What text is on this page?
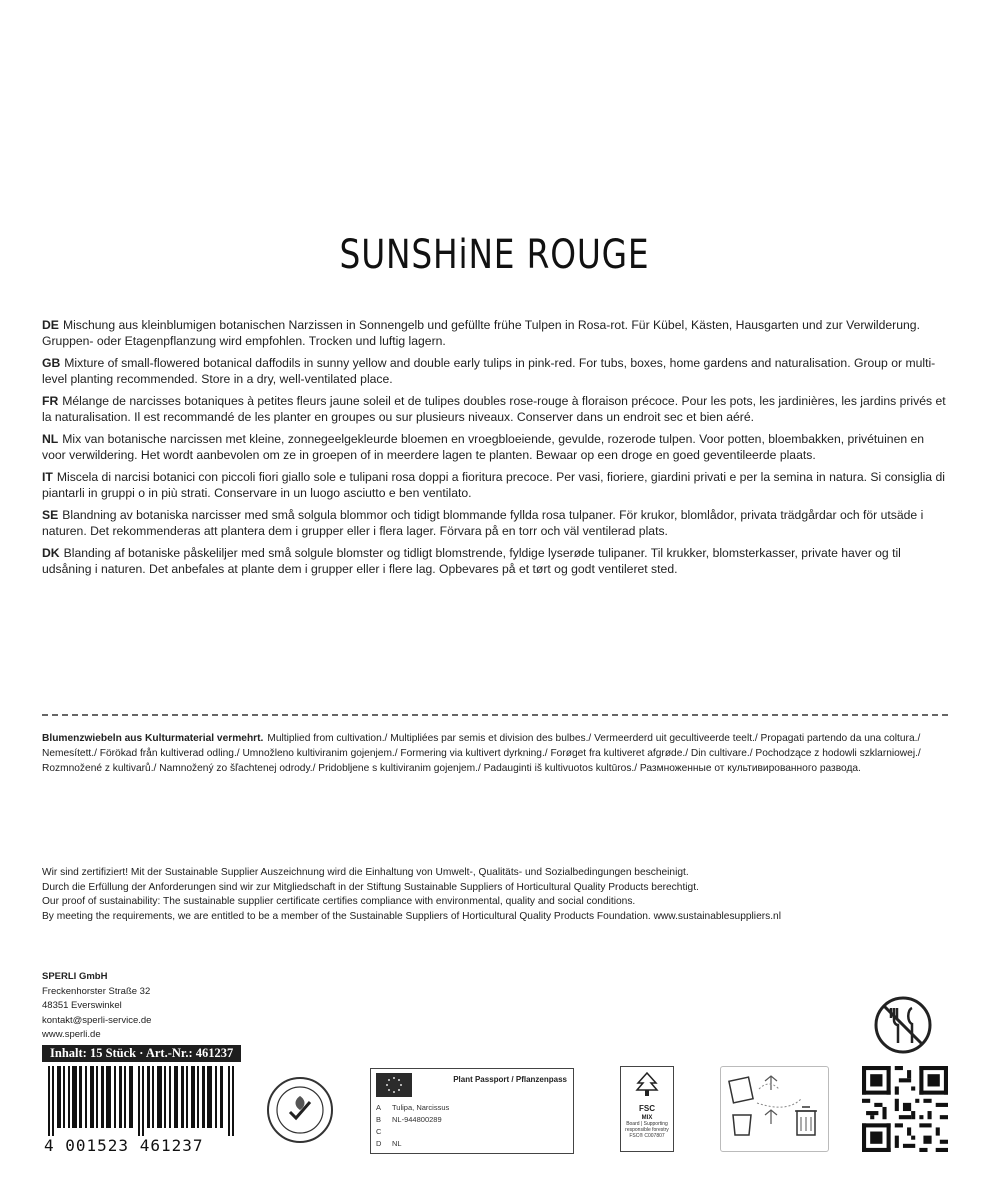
SUNSHiNE ROUGE

DE Mischung aus kleinblumigen botanischen Narzissen in Sonnengelb und gefüllte frühe Tulpen in Rosa-rot. Für Kübel, Kästen, Hausgarten und zur Verwilderung. Gruppen- oder Etagenpflanzung wird empfohlen. Trocken und luftig lagern.

GB Mixture of small-flowered botanical daffodils in sunny yellow and double early tulips in pink-red. For tubs, boxes, home gardens and naturalisation. Group or multi-level planting recommended. Store in a dry, well-ventilated place.

FR Mélange de narcisses botaniques à petites fleurs jaune soleil et de tulipes doubles rose-rouge à floraison précoce. Pour les pots, les jardinières, les jardins privés et la naturalisation. Il est recommandé de les planter en groupes ou sur plusieurs niveaux. Conserver dans un endroit sec et bien aéré.

NL Mix van botanische narcissen met kleine, zonnegeelgekleurde bloemen en vroegbloeiende, gevulde, rozerode tulpen. Voor potten, bloembakken, privétuinen en voor verwildering. Het wordt aanbevolen om ze in groepen of in meerdere lagen te planten. Bewaar op een droge en goed geventileerde plaats.

IT Miscela di narcisi botanici con piccoli fiori giallo sole e tulipani rosa doppi a fioritura precoce. Per vasi, fioriere, giardini privati e per la semina in natura. Si consiglia di piantarli in gruppi o in più strati. Conservare in un luogo asciutto e ben ventilato.

SE Blandning av botaniska narcisser med små solgula blommor och tidigt blommande fyllda rosa tulpaner. För krukor, blomlådor, privata trädgårdar och för utsäde i naturen. Det rekommenderas att plantera dem i grupper eller i flera lager. Förvara på en torr och väl ventilerad plats.

DK Blanding af botaniske påskeliljer med små solgule blomster og tidligt blomstrende, fyldige lyserøde tulipaner. Til krukker, blomsterkasser, private haver og til udsåning i naturen. Det anbefales at plante dem i grupper eller i flere lag. Opbevares på et tørt og godt ventileret sted.

Blumenzwiebeln aus Kulturmaterial vermehrt. Multiplied from cultivation./ Multipliées par semis et division des bulbes./ Vermeerderd uit gecultiveerde teelt./ Propagati partendo da una coltura./ Nemesített./ Förökad från kultiverad odling./ Umnožleno kultiviranim gojenjem./ Formering via kultivert dyrkning./ Forøget fra kultiveret afgrøde./ Din cultivare./ Pochodzące z hodowli szklarniowej./ Rozmnožené z kultivarů./ Namnožený zo šľachtenej odrody./ Pridobljene s kultiviranim gojenjem./ Padauginti iš kultivuotos kultūros./ Размноженные от культивированного развода.
Wir sind zertifiziert! Mit der Sustainable Supplier Auszeichnung wird die Einhaltung von Umwelt-, Qualitäts- und Sozialbedingungen bescheinigt.
Durch die Erfüllung der Anforderungen sind wir zur Mitgliedschaft in der Stiftung Sustainable Suppliers of Horticultural Quality Products berechtigt.
Our proof of sustainability: The sustainable supplier certificate certifies compliance with environmental, quality and social conditions.
By meeting the requirements, we are entitled to be a member of the Sustainable Suppliers of Horticultural Quality Products Foundation. www.sustainablesuppliers.nl
SPERLI GmbH
Freckenhorster Straße 32
48351 Everswinkel
kontakt@sperli-service.de
www.sperli.de
Inhalt: 15 Stück · Art.-Nr.: 461237
4 001523 461237
Plant Passport / Pflanzenpass
A Tulipa, Narcissus
B NL-944800289
C
D NL
FSC
MIX
Board | Supporting responsible forestry
FSC® C007807
